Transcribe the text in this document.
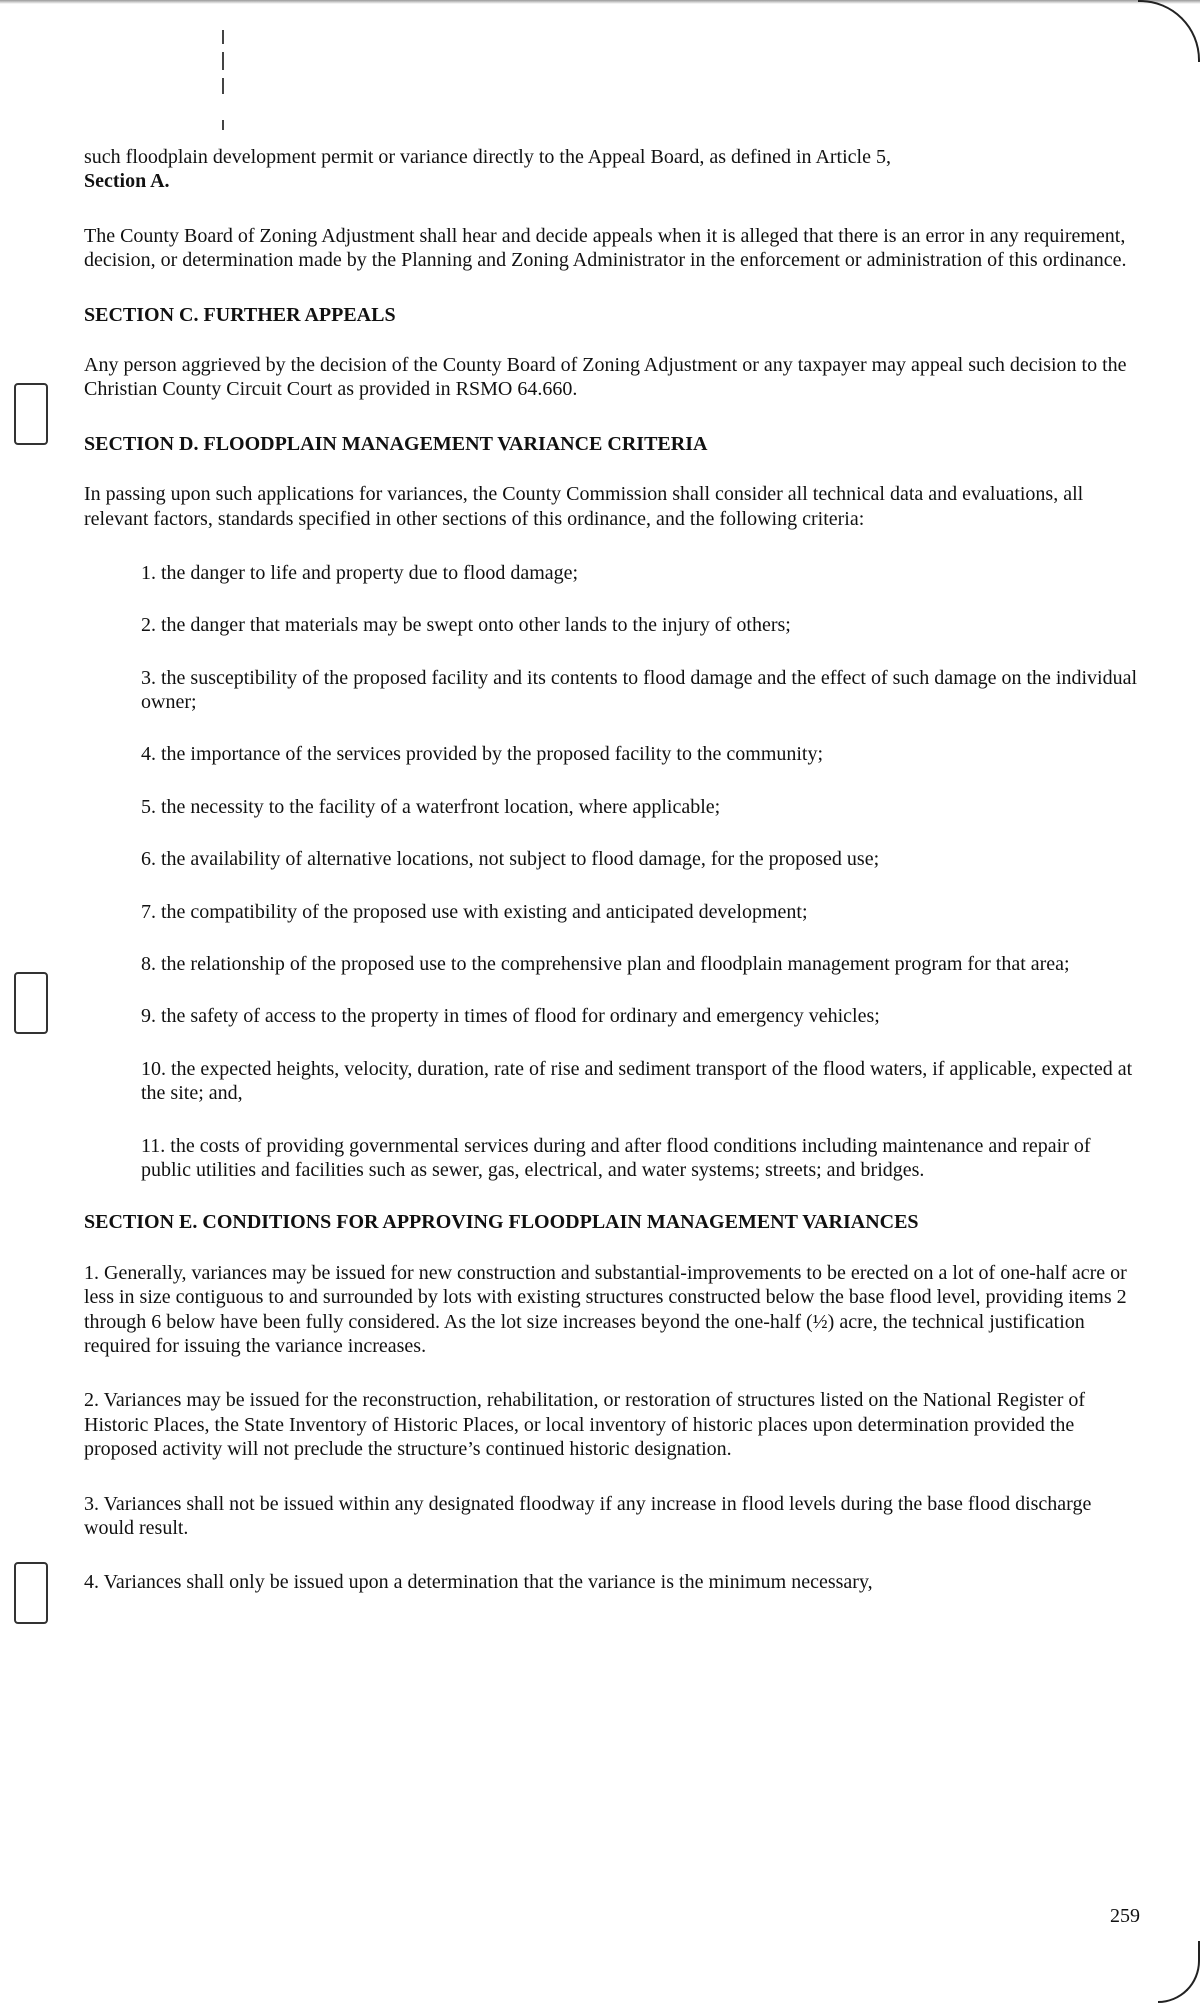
such floodplain development permit or variance directly to the Appeal Board, as defined in Article 5,
Section A.

The County Board of Zoning Adjustment shall hear and decide appeals when it is alleged that there is an error in any requirement, decision, or determination made by the Planning and Zoning Administrator in the enforcement or administration of this ordinance.

SECTION C. FURTHER APPEALS

Any person aggrieved by the decision of the County Board of Zoning Adjustment or any taxpayer may appeal such decision to the Christian County Circuit Court as provided in RSMO 64.660.

SECTION D. FLOODPLAIN MANAGEMENT VARIANCE CRITERIA

In passing upon such applications for variances, the County Commission shall consider all technical data and evaluations, all relevant factors, standards specified in other sections of this ordinance, and the following criteria:

1. the danger to life and property due to flood damage;
2. the danger that materials may be swept onto other lands to the injury of others;
3. the susceptibility of the proposed facility and its contents to flood damage and the effect of such damage on the individual owner;
4. the importance of the services provided by the proposed facility to the community;
5. the necessity to the facility of a waterfront location, where applicable;
6. the availability of alternative locations, not subject to flood damage, for the proposed use;
7. the compatibility of the proposed use with existing and anticipated development;
8. the relationship of the proposed use to the comprehensive plan and floodplain management program for that area;
9. the safety of access to the property in times of flood for ordinary and emergency vehicles;
10. the expected heights, velocity, duration, rate of rise and sediment transport of the flood waters, if applicable, expected at the site; and,
11. the costs of providing governmental services during and after flood conditions including maintenance and repair of public utilities and facilities such as sewer, gas, electrical, and water systems; streets; and bridges.
SECTION E. CONDITIONS FOR APPROVING FLOODPLAIN MANAGEMENT VARIANCES

1. Generally, variances may be issued for new construction and substantial-improvements to be erected on a lot of one-half acre or less in size contiguous to and surrounded by lots with existing structures constructed below the base flood level, providing items 2 through 6 below have been fully considered. As the lot size increases beyond the one-half (½) acre, the technical justification required for issuing the variance increases.

2. Variances may be issued for the reconstruction, rehabilitation, or restoration of structures listed on the National Register of Historic Places, the State Inventory of Historic Places, or local inventory of historic places upon determination provided the proposed activity will not preclude the structure’s continued historic designation.

3. Variances shall not be issued within any designated floodway if any increase in flood levels during the base flood discharge would result.

4. Variances shall only be issued upon a determination that the variance is the minimum necessary,

259
